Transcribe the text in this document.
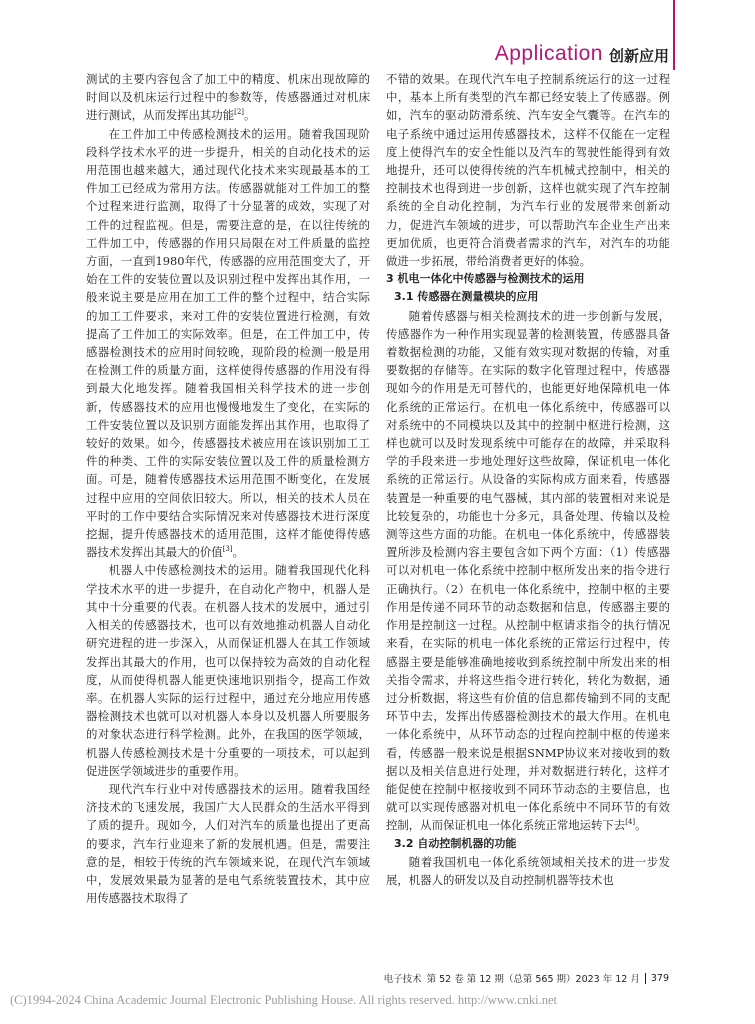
Application 创新应用

测试的主要内容包含了加工中的精度、机床出现故障的时间以及机床运行过程中的参数等，传感器通过对机床进行测试，从而发挥出其功能[2]。

在工件加工中传感检测技术的运用。随着我国现阶段科学技术水平的进一步提升，相关的自动化技术的运用范围也越来越大，通过现代化技术来实现最基本的工件加工已经成为常用方法。传感器就能对工件加工的整个过程来进行监测，取得了十分显著的成效，实现了对工件的过程监视。但是，需要注意的是，在以往传统的工件加工中，传感器的作用只局限在对工件质量的监控方面，一直到1980年代，传感器的应用范围变大了，开始在工件的安装位置以及识别过程中发挥出其作用，一般来说主要是应用在加工工件的整个过程中，结合实际的加工工件要求，来对工件的安装位置进行检测，有效提高了工件加工的实际效率。但是，在工件加工中，传感器检测技术的应用时间较晚，现阶段的检测一般是用在检测工件的质量方面，这样使得传感器的作用没有得到最大化地发挥。随着我国相关科学技术的进一步创新，传感器技术的应用也慢慢地发生了变化，在实际的工件安装位置以及识别方面能发挥出其作用，也取得了较好的效果。如今，传感器技术被应用在该识别加工工件的种类、工件的实际安装位置以及工件的质量检测方面。可是，随着传感器技术运用范围不断变化，在发展过程中应用的空间依旧较大。所以，相关的技术人员在平时的工作中要结合实际情况来对传感器技术进行深度挖掘，提升传感器技术的适用范围，这样才能使得传感器技术发挥出其最大的价值[3]。

机器人中传感检测技术的运用。随着我国现代化科学技术水平的进一步提升，在自动化产物中，机器人是其中十分重要的代表。在机器人技术的发展中，通过引入相关的传感器技术，也可以有效地推动机器人自动化研究进程的进一步深入，从而保证机器人在其工作领域发挥出其最大的作用，也可以保持较为高效的自动化程度，从而使得机器人能更快速地识别指令，提高工作效率。在机器人实际的运行过程中，通过充分地应用传感器检测技术也就可以对机器人本身以及机器人所要服务的对象状态进行科学检测。此外，在我国的医学领域，机器人传感检测技术是十分重要的一项技术，可以起到促进医学领域进步的重要作用。

现代汽车行业中对传感器技术的运用。随着我国经济技术的飞速发展，我国广大人民群众的生活水平得到了质的提升。现如今，人们对汽车的质量也提出了更高的要求，汽车行业迎来了新的发展机遇。但是，需要注意的是，相较于传统的汽车领域来说，在现代汽车领域中，发展效果最为显著的是电气系统装置技术，其中应用传感器技术取得了

不错的效果。在现代汽车电子控制系统运行的这一过程中，基本上所有类型的汽车都已经安装上了传感器。例如，汽车的驱动防滑系统、汽车安全气囊等。在汽车的电子系统中通过运用传感器技术，这样不仅能在一定程度上使得汽车的安全性能以及汽车的驾驶性能得到有效地提升，还可以使得传统的汽车机械式控制中，相关的控制技术也得到进一步创新，这样也就实现了汽车控制系统的全自动化控制，为汽车行业的发展带来创新动力，促进汽车领域的进步，可以帮助汽车企业生产出来更加优质，也更符合消费者需求的汽车，对汽车的功能做进一步拓展，带给消费者更好的体验。

3 机电一体化中传感器与检测技术的运用
3.1 传感器在测量模块的应用

随着传感器与相关检测技术的进一步创新与发展，传感器作为一种作用实现显著的检测装置，传感器具备着数据检测的功能，又能有效实现对数据的传输，对重要数据的存储等。在实际的数字化管理过程中，传感器现如今的作用是无可替代的，也能更好地保障机电一体化系统的正常运行。在机电一体化系统中，传感器可以对系统中的不同模块以及其中的控制中枢进行检测，这样也就可以及时发现系统中可能存在的故障，并采取科学的手段来进一步地处理好这些故障，保证机电一体化系统的正常运行。从设备的实际构成方面来看，传感器装置是一种重要的电气器械，其内部的装置相对来说是比较复杂的，功能也十分多元，具备处理、传输以及检测等这些方面的功能。在机电一体化系统中，传感器装置所涉及检测内容主要包含如下两个方面：（1）传感器可以对机电一体化系统中控制中枢所发出来的指令进行正确执行。（2）在机电一体化系统中，控制中枢的主要作用是传递不同环节的动态数据和信息，传感器主要的作用是控制这一过程。从控制中枢请求指令的执行情况来看，在实际的机电一体化系统的正常运行过程中，传感器主要是能够准确地接收到系统控制中所发出来的相关指令需求，并将这些指令进行转化，转化为数据，通过分析数据，将这些有价值的信息都传输到不同的支配环节中去，发挥出传感器检测技术的最大作用。在机电一体化系统中，从环节动态的过程向控制中枢的传递来看，传感器一般来说是根据SNMP协议来对接收到的数据以及相关信息进行处理，并对数据进行转化，这样才能促使在控制中枢接收到不同环节动态的主要信息，也就可以实现传感器对机电一体化系统中不同环节的有效控制，从而保证机电一体化系统正常地运转下去[4]。

3.2 自动控制机器的功能

随着我国机电一体化系统领域相关技术的进一步发展，机器人的研发以及自动控制机器等技术也

电子技术 第 52 卷 第 12 期（总第 565 期）2023 年 12 月 379
(C)1994-2024 China Academic Journal Electronic Publishing House. All rights reserved. http://www.cnki.net
